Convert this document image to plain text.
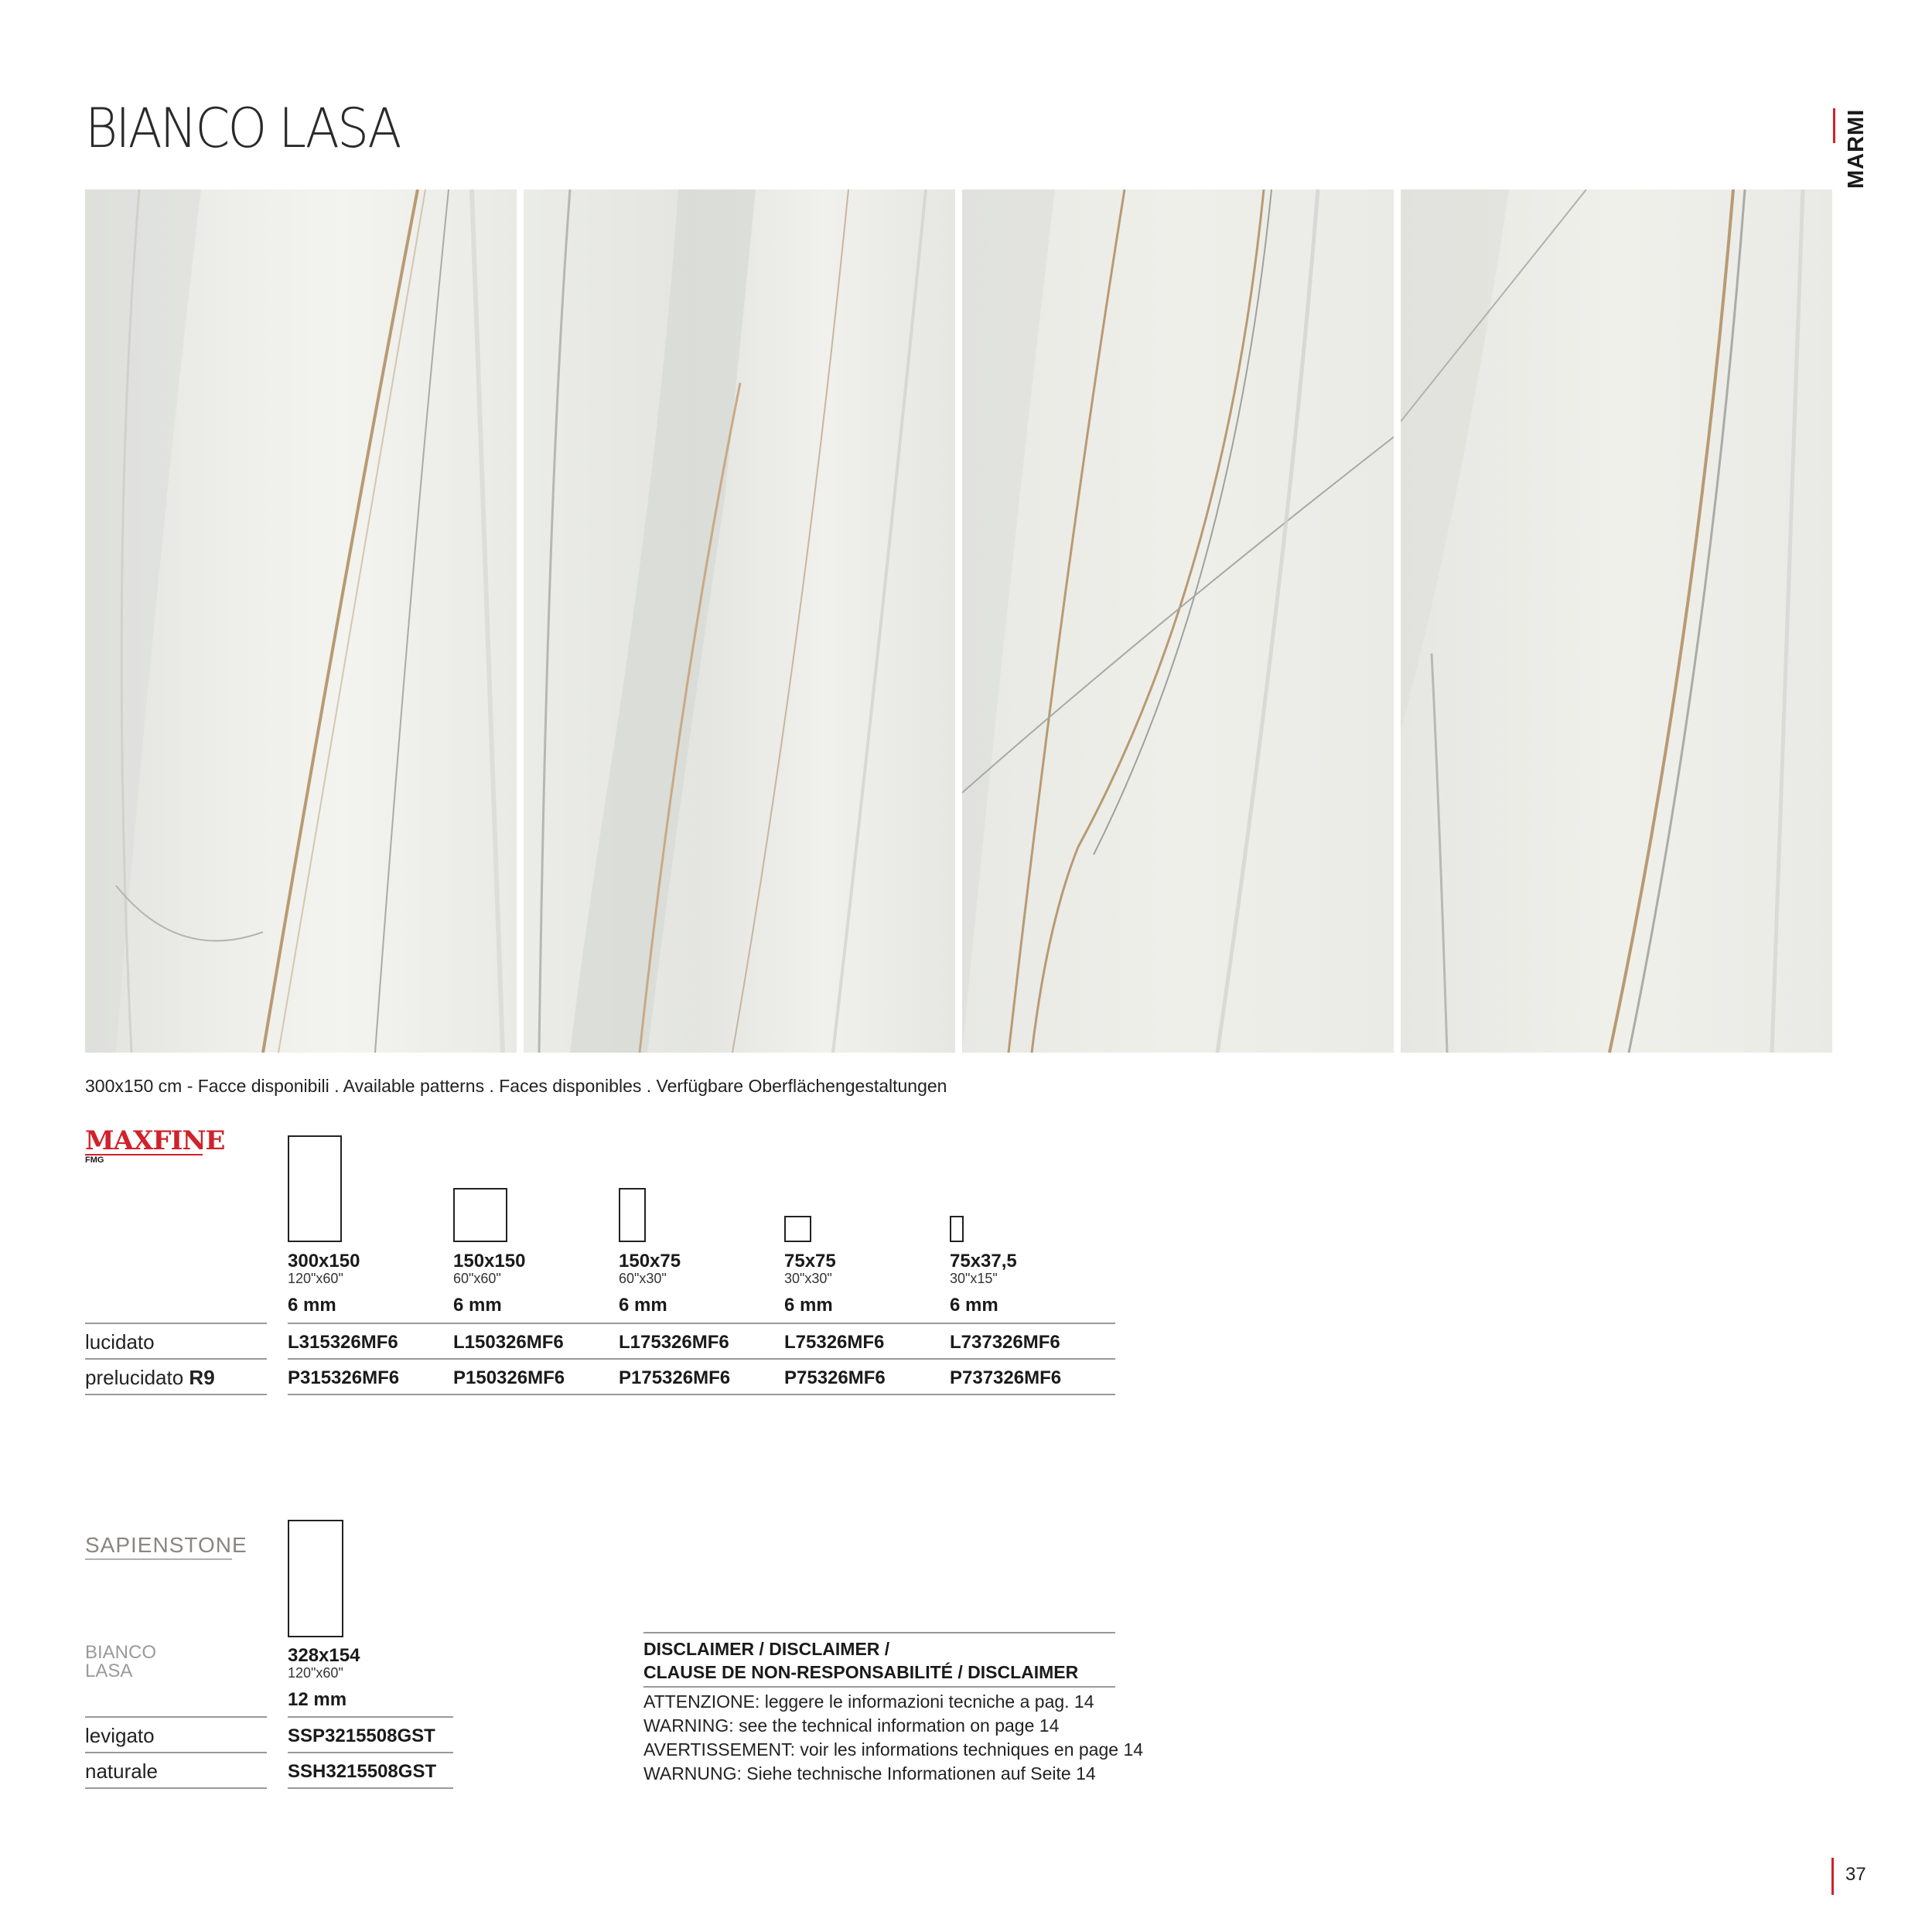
BIANCO LASA	MARMI
300x150 cm - Facce disponibili . Available patterns . Faces disponibles . Verfügbare Oberflächengestaltungen
MAXFINE
FMG
300x150
120"x60"
6 mm
150x150
60"x60"
6 mm
150x75
60"x30"
6 mm
75x75
30"x30"
6 mm
75x37,5
30"x15"
6 mm
lucidato	L315326MF6	L150326MF6	L175326MF6	L75326MF6	L737326MF6
prelucidato R9	P315326MF6	P150326MF6	P175326MF6	P75326MF6	P737326MF6
SAPIENSTONE
BIANCO
LASA
328x154
120"x60"
12 mm
levigato	SSP3215508GST
naturale	SSH3215508GST
DISCLAIMER / DISCLAIMER /
CLAUSE DE NON-RESPONSABILITÉ / DISCLAIMER
ATTENZIONE: leggere le informazioni tecniche a pag. 14
WARNING: see the technical information on page 14
AVERTISSEMENT: voir les informations techniques en page 14
WARNUNG: Siehe technische Informationen auf Seite 14
37
